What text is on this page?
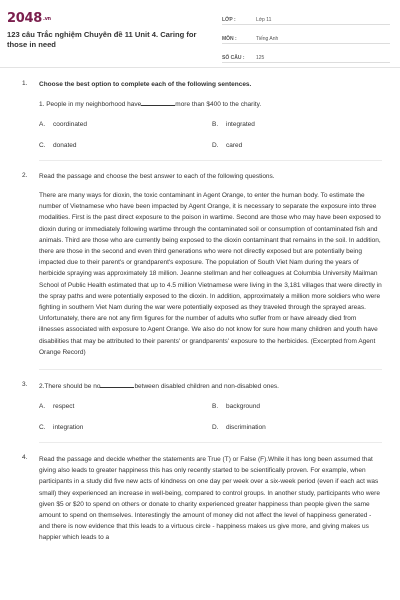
2048.vn
123 câu Trắc nghiệm Chuyên đề 11 Unit 4. Caring for those in need
LỚP :	Lớp 11
MÔN :	Tiếng Anh
SỐ CÂU :	125
1. Choose the best option to complete each of the following sentences.
1. People in my neighborhood have	more than $400 to the charity.
A. coordinated	B. integrated
C. donated	D. cared
2. Read the passage and choose the best answer to each of the following questions.
There are many ways for dioxin, the toxic contaminant in Agent Orange, to enter the human body. To estimate the number of Vietnamese who have been impacted by Agent Orange, it is necessary to separate the exposure into three modalities. First is the past direct exposure to the poison in wartime. Second are those who may have been exposed to dioxin during or immediately following wartime through the contaminated soil or consumption of contaminated fish and animals. Third are those who are currently being exposed to the dioxin contaminant that remains in the soil. In addition, there are those in the second and even third generations who were not directly exposed but are potentially being impacted due to their parent's or grandparent's exposure. The population of South Viet Nam during the years of herbicide spraying was approximately 18 million. Jeanne stellman and her colleagues at Columbia University Mailman School of Public Health estimated that up to 4.5 million Vietnamese were living in the 3,181 villages that were directly in the spray paths and were potentially exposed to the dioxin. In addition, approximately a million more soldiers who were fighting in southern Viet Nam during the war were potentially exposed as they traveled through the sprayed areas. Unfortunately, there are not any firm figures for the number of adults who suffer from or have already died from illnesses associated with exposure to Agent Orange. We also do not know for sure how many children and youth have disabilities that may be attributed to their parents' or grandparents' exposure to the herbicides. (Excerpted from Agent Orange Record)
3. 2.There should be no	between disabled children and non-disabled ones.
A. respect	B. background
C. integration	D. discrimination
4. Read the passage and decide whether the statements are True (T) or False (F).While it has long been assumed that giving also leads to greater happiness this has only recently started to be scientifically proven. For example, when participants in a study did five new acts of kindness on one day per week over a six-week period (even if each act was small) they experienced an increase in well-being, compared to control groups. In another study, participants who were given $5 or $20 to spend on others or donate to charity experienced greater happiness than people given the same amount to spend on themselves. Interestingly the amount of money did not affect the level of happiness generated - and there is now evidence that this leads to a virtuous circle - happiness makes us give more, and giving makes us happier which leads to a
